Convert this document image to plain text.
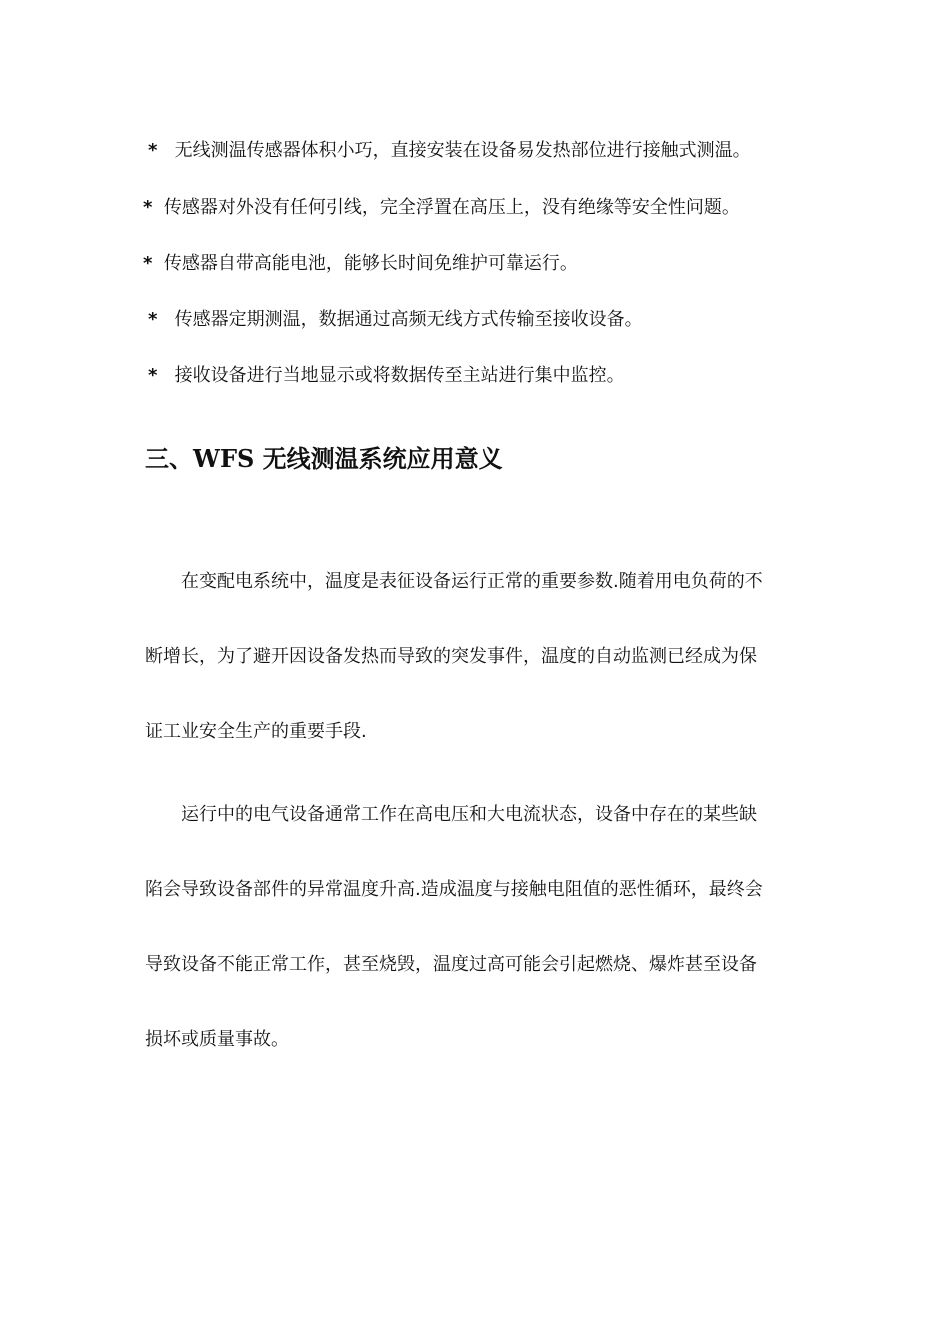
* 无线测温传感器体积小巧，直接安装在设备易发热部位进行接触式测温。
* 传感器对外没有任何引线，完全浮置在高压上，没有绝缘等安全性问题。
* 传感器自带高能电池，能够长时间免维护可靠运行。
* 传感器定期测温，数据通过高频无线方式传输至接收设备。
* 接收设备进行当地显示或将数据传至主站进行集中监控。
三、WFS 无线测温系统应用意义
在变配电系统中，温度是表征设备运行正常的重要参数.随着用电负荷的不
断增长，为了避开因设备发热而导致的突发事件，温度的自动监测已经成为保
证工业安全生产的重要手段.
运行中的电气设备通常工作在高电压和大电流状态，设备中存在的某些缺
陷会导致设备部件的异常温度升高.造成温度与接触电阻值的恶性循环，最终会
导致设备不能正常工作，甚至烧毁，温度过高可能会引起燃烧、爆炸甚至设备
损坏或质量事故。
